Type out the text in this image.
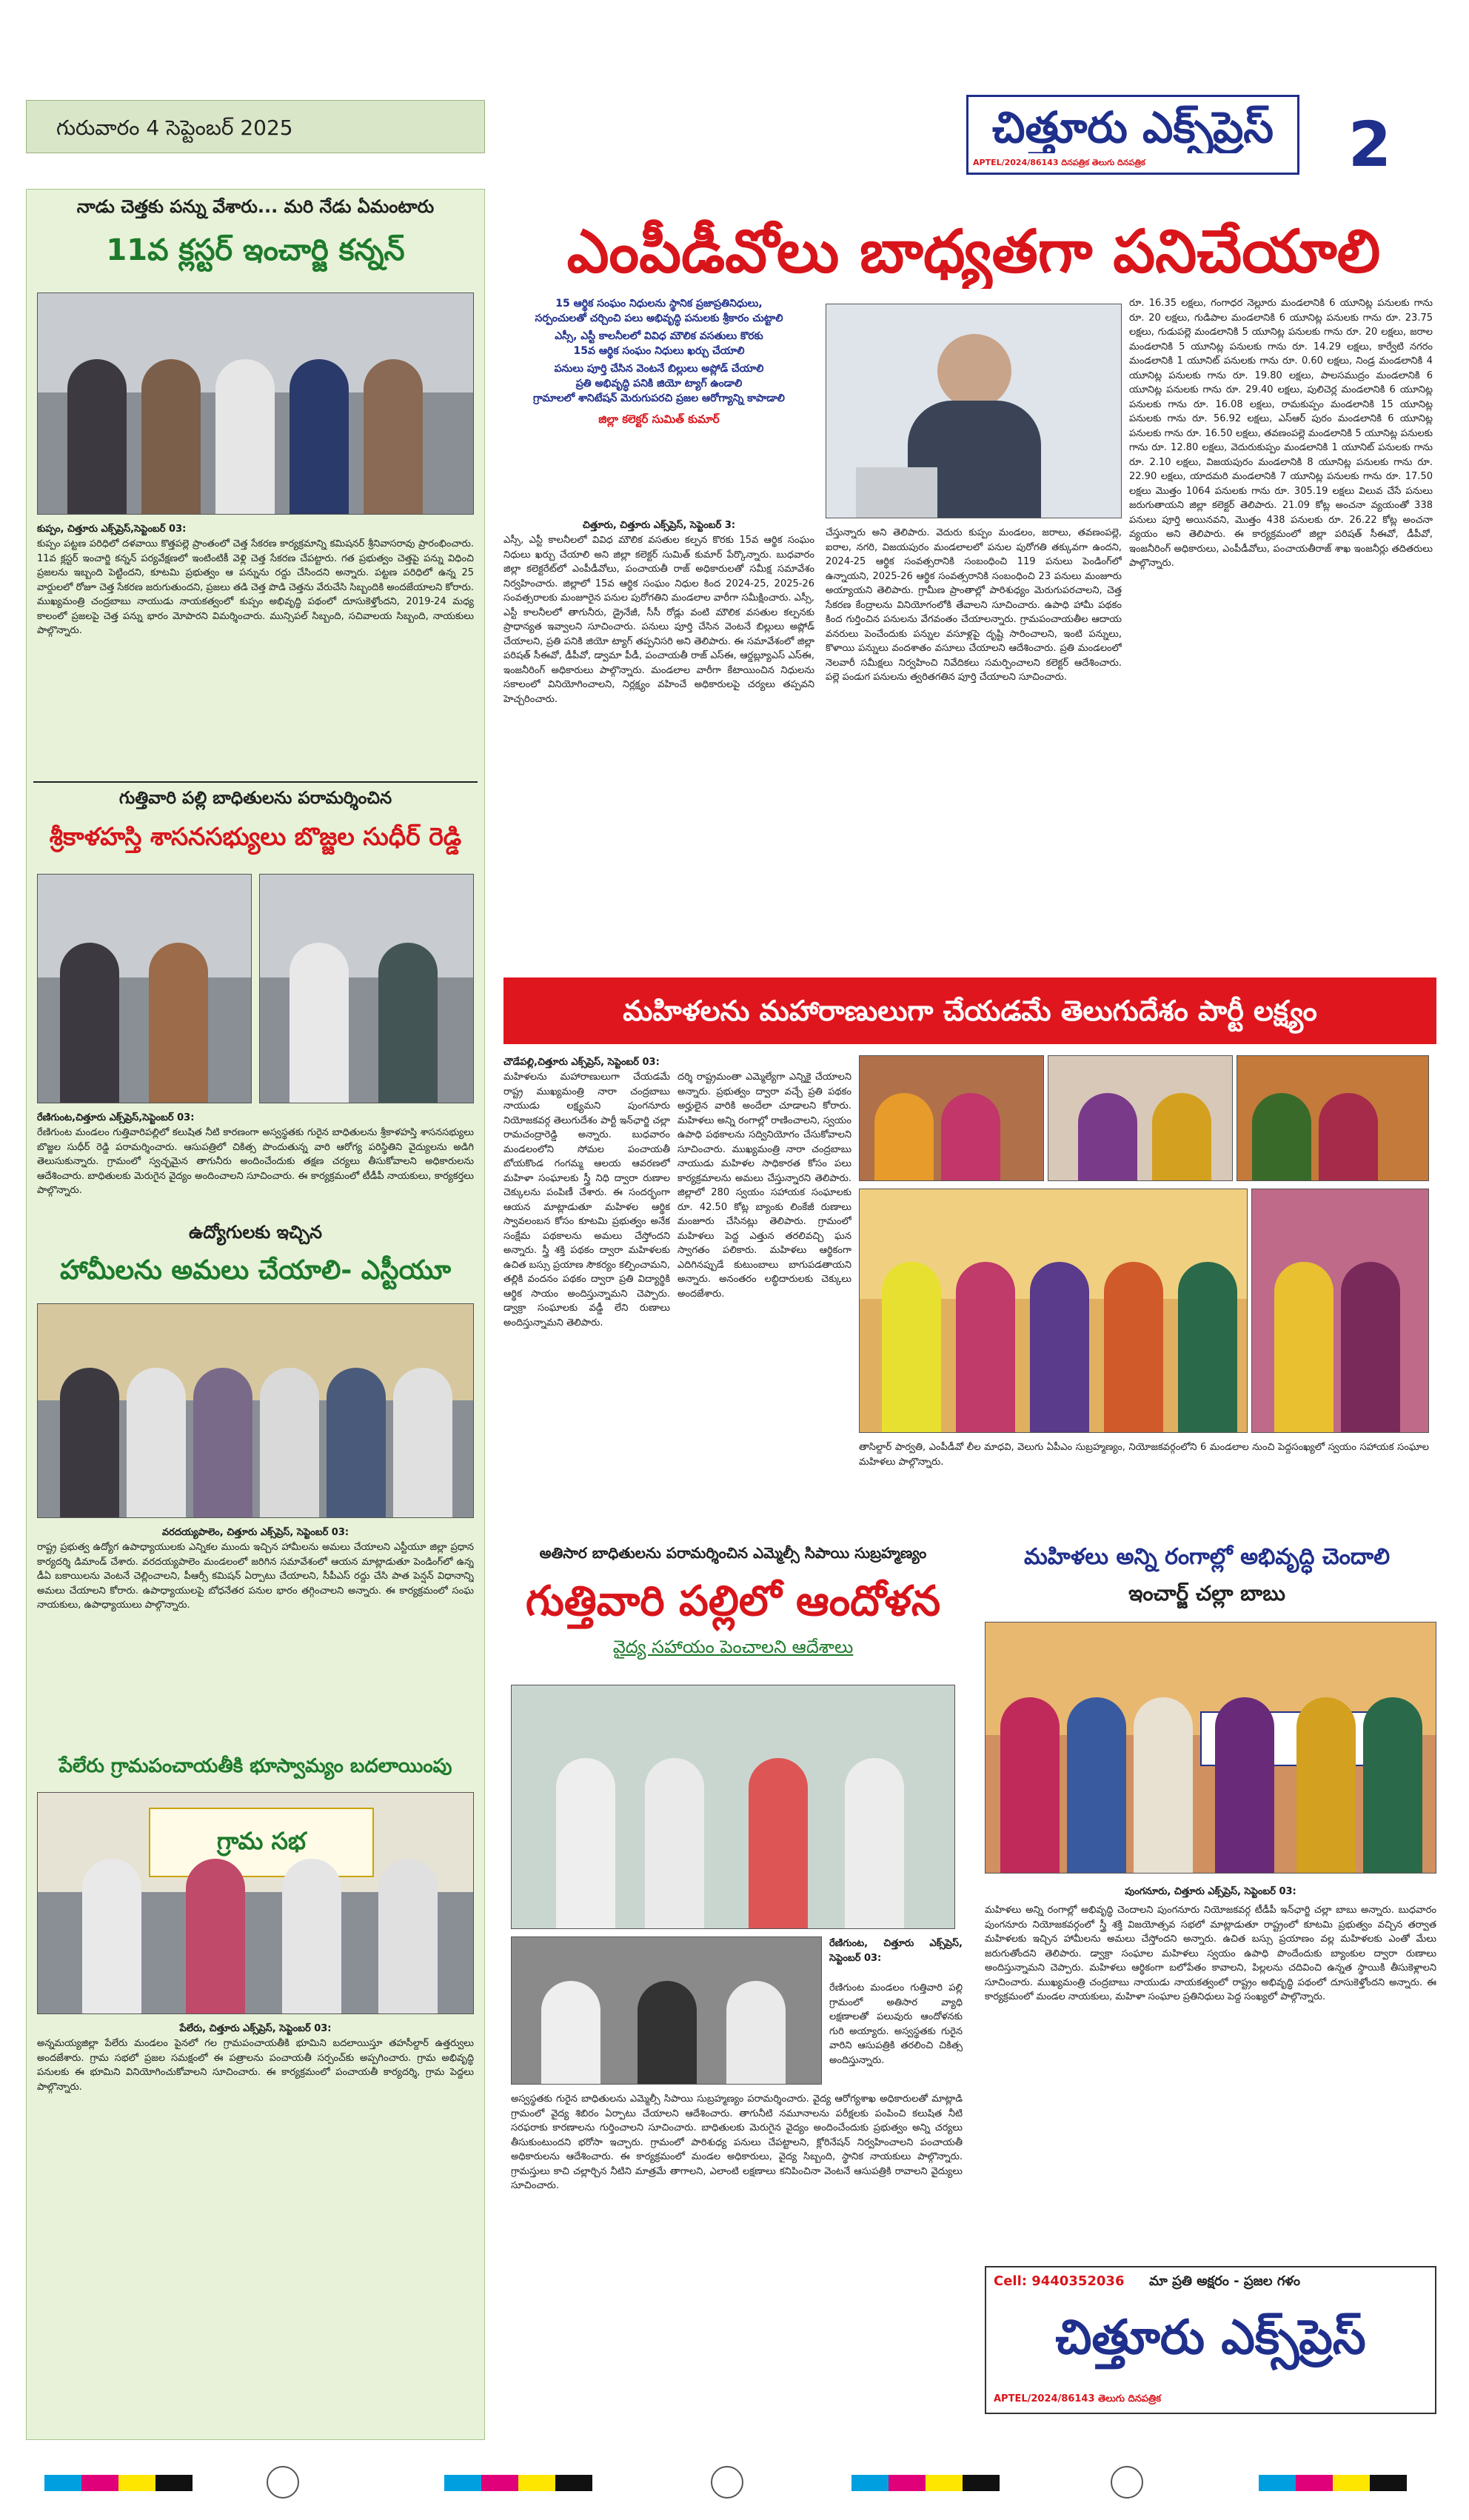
గురువారం 4 సెప్టెంబర్ 2025	చిత్తూరు ఎక్స్‌ప్రెస్
APTEL/2024/86143 దినపత్రిక తెలుగు దినపత్రిక	2
నాడు చెత్తకు పన్ను వేశారు... మరి నేడు ఏమంటారు
11వ క్లస్టర్ ఇంచార్జి కన్నన్
కుప్పం, చిత్తూరు ఎక్స్‌ప్రెస్,సెప్టెంబర్ 03:
కుప్పం పట్టణ పరిధిలో దళవాయి కొత్తపల్లె ప్రాంతంలో చెత్త సేకరణ కార్యక్రమాన్ని కమిషనర్ శ్రీనివాసరావు ప్రారంభించారు. 11వ క్లస్టర్ ఇంచార్జి కన్నన్ పర్యవేక్షణలో ఇంటింటికీ వెళ్లి చెత్త సేకరణ చేపట్టారు. గత ప్రభుత్వం చెత్తపై పన్ను విధించి ప్రజలను ఇబ్బంది పెట్టిందని, కూటమి ప్రభుత్వం ఆ పన్నును రద్దు చేసిందని అన్నారు. పట్టణ పరిధిలో ఉన్న 25 వార్డులలో రోజూ చెత్త సేకరణ జరుగుతుందని, ప్రజలు తడి చెత్త పొడి చెత్తను వేరుచేసి సిబ్బందికి అందజేయాలని కోరారు. ముఖ్యమంత్రి చంద్రబాబు నాయుడు నాయకత్వంలో కుప్పం అభివృద్ధి పథంలో దూసుకెళ్తోందని, 2019-24 మధ్య కాలంలో ప్రజలపై చెత్త పన్ను భారం మోపారని విమర్శించారు. మున్సిపల్ సిబ్బంది, సచివాలయ సిబ్బంది, నాయకులు పాల్గొన్నారు.
గుత్తివారి పల్లి బాధితులను పరామర్శించిన
శ్రీకాళహస్తి శాసనసభ్యులు బొజ్జల సుధీర్ రెడ్డి
రేణిగుంట,చిత్తూరు ఎక్స్‌ప్రెస్,సెప్టెంబర్ 03:
రేణిగుంట మండలం గుత్తివారిపల్లిలో కలుషిత నీటి కారణంగా అస్వస్థతకు గురైన బాధితులను శ్రీకాళహస్తి శాసనసభ్యులు బొజ్జల సుధీర్ రెడ్డి పరామర్శించారు. ఆసుపత్రిలో చికిత్స పొందుతున్న వారి ఆరోగ్య పరిస్థితిని వైద్యులను అడిగి తెలుసుకున్నారు. గ్రామంలో స్వచ్ఛమైన తాగునీరు అందించేందుకు తక్షణ చర్యలు తీసుకోవాలని అధికారులను ఆదేశించారు. బాధితులకు మెరుగైన వైద్యం అందించాలని సూచించారు. ఈ కార్యక్రమంలో టీడీపీ నాయకులు, కార్యకర్తలు పాల్గొన్నారు.
ఉద్యోగులకు ఇచ్చిన
హామీలను అమలు చేయాలి- ఎస్టీయూ
వరదయ్యపాలెం, చిత్తూరు ఎక్స్‌ప్రెస్, సెప్టెంబర్ 03:
రాష్ట్ర ప్రభుత్వ ఉద్యోగ ఉపాధ్యాయులకు ఎన్నికల ముందు ఇచ్చిన హామీలను అమలు చేయాలని ఎస్టీయూ జిల్లా ప్రధాన కార్యదర్శి డిమాండ్ చేశారు. వరదయ్యపాలెం మండలంలో జరిగిన సమావేశంలో ఆయన మాట్లాడుతూ పెండింగ్‌లో ఉన్న డీఏ బకాయిలను వెంటనే చెల్లించాలని, పీఆర్సీ కమిషన్ ఏర్పాటు చేయాలని, సీపీఎస్ రద్దు చేసి పాత పెన్షన్ విధానాన్ని అమలు చేయాలని కోరారు. ఉపాధ్యాయులపై బోధనేతర పనుల భారం తగ్గించాలని అన్నారు. ఈ కార్యక్రమంలో సంఘ నాయకులు, ఉపాధ్యాయులు పాల్గొన్నారు.
పేలేరు గ్రామపంచాయతీకి భూస్వామ్యం బదలాయింపు
గ్రామ సభ
పేలేరు, చిత్తూరు ఎక్స్‌ప్రెస్, సెప్టెంబర్ 03:
అన్నమయ్యజిల్లా పేలేరు మండలం పైనలో గల గ్రామపంచాయతీకి భూమిని బదలాయిస్తూ తహసీల్దార్ ఉత్తర్వులు అందజేశారు. గ్రామ సభలో ప్రజల సమక్షంలో ఈ పత్రాలను పంచాయతీ సర్పంచ్‌కు అప్పగించారు. గ్రామ అభివృద్ధి పనులకు ఈ భూమిని వినియోగించుకోవాలని సూచించారు. ఈ కార్యక్రమంలో పంచాయతీ కార్యదర్శి, గ్రామ పెద్దలు పాల్గొన్నారు.
ఎంపీడీవోలు బాధ్యతగా పనిచేయాలి
15 ఆర్థిక సంఘం నిధులను స్థానిక ప్రజాప్రతినిధులు,
సర్పంచులతో చర్చించి పలు అభివృద్ధి పనులకు శ్రీకారం చుట్టాలి
ఎస్సీ, ఎస్టీ కాలనీలలో వివిధ మౌలిక వసతులు కొరకు
15వ ఆర్థిక సంఘం నిధులు ఖర్చు చేయాలి
పనులు పూర్తి చేసిన వెంటనే బిల్లులు అప్లోడ్ చేయాలి
ప్రతి అభివృద్ధి పనికి జియో ట్యాగ్ ఉండాలి
గ్రామాలలో శానిటేషన్ మెరుగుపరచి ప్రజల ఆరోగ్యాన్ని కాపాడాలి
జిల్లా కలెక్టర్ సుమిత్ కుమార్
చిత్తూరు, చిత్తూరు ఎక్స్‌ప్రెస్, సెప్టెంబర్ 3:
ఎస్సీ, ఎస్టీ కాలనీలలో వివిధ మౌలిక వసతుల కల్పన కొరకు 15వ ఆర్థిక సంఘం నిధులు ఖర్చు చేయాలి అని జిల్లా కలెక్టర్ సుమిత్ కుమార్ పేర్కొన్నారు. బుధవారం జిల్లా కలెక్టరేట్‌లో ఎంపీడీవోలు, పంచాయతీ రాజ్ అధికారులతో సమీక్ష సమావేశం నిర్వహించారు. జిల్లాలో 15వ ఆర్థిక సంఘం నిధుల కింద 2024-25, 2025-26 సంవత్సరాలకు మంజూరైన పనుల పురోగతిని మండలాల వారీగా సమీక్షించారు. ఎస్సీ, ఎస్టీ కాలనీలలో తాగునీరు, డ్రైనేజీ, సీసీ రోడ్లు వంటి మౌలిక వసతుల కల్పనకు ప్రాధాన్యత ఇవ్వాలని సూచించారు. పనులు పూర్తి చేసిన వెంటనే బిల్లులు అప్లోడ్ చేయాలని, ప్రతి పనికి జియో ట్యాగ్ తప్పనిసరి అని తెలిపారు. ఈ సమావేశంలో జిల్లా పరిషత్ సీఈవో, డీపీవో, డ్వామా పీడీ, పంచాయతీ రాజ్ ఎస్ఈ, ఆర్డబ్ల్యూఎస్ ఎస్ఈ, ఇంజనీరింగ్ అధికారులు పాల్గొన్నారు. మండలాల వారీగా కేటాయించిన నిధులను సకాలంలో వినియోగించాలని, నిర్లక్ష్యం వహించే అధికారులపై చర్యలు తప్పవని హెచ్చరించారు.
చేస్తున్నారు అని తెలిపారు. వెదురు కుప్పం మండలం, జరాలు, తవణంపల్లె, ఐరాల, నగరి, విజయపురం మండలాలలో పనుల పురోగతి తక్కువగా ఉందని, 2024-25 ఆర్థిక సంవత్సరానికి సంబంధించి 119 పనులు పెండింగ్‌లో ఉన్నాయని, 2025-26 ఆర్థిక సంవత్సరానికి సంబంధించి 23 పనులు మంజూరు అయ్యాయని తెలిపారు. గ్రామీణ ప్రాంతాల్లో పారిశుధ్యం మెరుగుపరచాలని, చెత్త సేకరణ కేంద్రాలను వినియోగంలోకి తేవాలని సూచించారు. ఉపాధి హామీ పథకం కింద గుర్తించిన పనులను వేగవంతం చేయాలన్నారు. గ్రామపంచాయతీల ఆదాయ వనరులు పెంచేందుకు పన్నుల వసూళ్లపై దృష్టి సారించాలని, ఇంటి పన్నులు, కొళాయి పన్నులు వందశాతం వసూలు చేయాలని ఆదేశించారు. ప్రతి మండలంలో నెలవారీ సమీక్షలు నిర్వహించి నివేదికలు సమర్పించాలని కలెక్టర్ ఆదేశించారు. పల్లె పండుగ పనులను త్వరితగతిన పూర్తి చేయాలని సూచించారు.
రూ. 16.35 లక్షలు, గంగాధర నెల్లూరు మండలానికి 6 యూనిట్ల పనులకు గాను రూ. 20 లక్షలు, గుడిపాల మండలానికి 6 యూనిట్ల పనులకు గాను రూ. 23.75 లక్షలు, గుడుపల్లె మండలానికి 5 యూనిట్ల పనులకు గాను రూ. 20 లక్షలు, జరాల మండలానికి 5 యూనిట్ల పనులకు గాను రూ. 14.29 లక్షలు, కార్వేటి నగరం మండలానికి 1 యూనిట్ పనులకు గాను రూ. 0.60 లక్షలు, నిండ్ర మండలానికి 4 యూనిట్ల పనులకు గాను రూ. 19.80 లక్షలు, పాలసముద్రం మండలానికి 6 యూనిట్ల పనులకు గాను రూ. 29.40 లక్షలు, పులిచెర్ల మండలానికి 6 యూనిట్ల పనులకు గాను రూ. 16.08 లక్షలు, రామకుప్పం మండలానికి 15 యూనిట్ల పనులకు గాను రూ. 56.92 లక్షలు, ఎస్ఆర్ పురం మండలానికి 6 యూనిట్ల పనులకు గాను రూ. 16.50 లక్షలు, తవణంపల్లె మండలానికి 5 యూనిట్ల పనులకు గాను రూ. 12.80 లక్షలు, వెదురుకుప్పం మండలానికి 1 యూనిట్ పనులకు గాను రూ. 2.10 లక్షలు, విజయపురం మండలానికి 8 యూనిట్ల పనులకు గాను రూ. 22.90 లక్షలు, యాదమరి మండలానికి 7 యూనిట్ల పనులకు గాను రూ. 17.50 లక్షలు మొత్తం 1064 పనులకు గాను రూ. 305.19 లక్షలు విలువ చేసే పనులు జరుగుతాయని జిల్లా కలెక్టర్ తెలిపారు. 21.09 కోట్ల అంచనా వ్యయంతో 338 పనులు పూర్తి అయినవని, మొత్తం 438 పనులకు రూ. 26.22 కోట్ల అంచనా వ్యయం అని తెలిపారు. ఈ కార్యక్రమంలో జిల్లా పరిషత్ సీఈవో, డీపీవో, ఇంజనీరింగ్ అధికారులు, ఎంపీడీవోలు, పంచాయతీరాజ్ శాఖ ఇంజనీర్లు తదితరులు పాల్గొన్నారు.
మహిళలను మహారాణులుగా చేయడమే తెలుగుదేశం పార్టీ లక్ష్యం
చౌడేపల్లి,చిత్తూరు ఎక్స్‌ప్రెస్, సెప్టెంబర్ 03:
మహిళలను మహారాణులుగా చేయడమే రాష్ట్ర ముఖ్యమంత్రి నారా చంద్రబాబు నాయుడు లక్ష్యమని పుంగనూరు నియోజకవర్గ తెలుగుదేశం పార్టీ ఇన్‌ఛార్జి చల్లా రామచంద్రారెడ్డి అన్నారు. బుధవారం మండలంలోని సోమల పంచాయతీ బోయకొండ గంగమ్మ ఆలయ ఆవరణలో మహిళా సంఘాలకు స్త్రీ నిధి ద్వారా రుణాల చెక్కులను పంపిణీ చేశారు. ఈ సందర్భంగా ఆయన మాట్లాడుతూ మహిళల ఆర్థిక స్వావలంబన కోసం కూటమి ప్రభుత్వం అనేక సంక్షేమ పథకాలను అమలు చేస్తోందని అన్నారు. స్త్రీ శక్తి పథకం ద్వారా మహిళలకు ఉచిత బస్సు ప్రయాణ సౌకర్యం కల్పించామని, తల్లికి వందనం పథకం ద్వారా ప్రతి విద్యార్థికి ఆర్థిక సాయం అందిస్తున్నామని చెప్పారు. డ్వాక్రా సంఘాలకు వడ్డీ లేని రుణాలు అందిస్తున్నామని తెలిపారు.
దర్శి రాష్ట్రమంతా ఎమ్మెల్యేగా ఎన్నికై చేయాలని అన్నారు. ప్రభుత్వం ద్వారా వచ్చే ప్రతి పథకం అర్హులైన వారికి అందేలా చూడాలని కోరారు. మహిళలు అన్ని రంగాల్లో రాణించాలని, స్వయం ఉపాధి పథకాలను సద్వినియోగం చేసుకోవాలని సూచించారు. ముఖ్యమంత్రి నారా చంద్రబాబు నాయుడు మహిళల సాధికారత కోసం పలు కార్యక్రమాలను అమలు చేస్తున్నారని తెలిపారు. జిల్లాలో 280 స్వయం సహాయక సంఘాలకు రూ. 42.50 కోట్ల బ్యాంకు లింకేజీ రుణాలు మంజూరు చేసినట్లు తెలిపారు. గ్రామంలో మహిళలు పెద్ద ఎత్తున తరలివచ్చి ఘన స్వాగతం పలికారు. మహిళలు ఆర్థికంగా ఎదిగినప్పుడే కుటుంబాలు బాగుపడతాయని అన్నారు. అనంతరం లబ్ధిదారులకు చెక్కులు అందజేశారు.
తాసిల్దార్ పార్వతి, ఎంపీడీవో లీల మాధవి, వెలుగు ఏపీఎం సుబ్రహ్మణ్యం, నియోజకవర్గంలోని 6 మండలాల నుంచి పెద్దసంఖ్యలో స్వయం సహాయక సంఘాల మహిళలు పాల్గొన్నారు.
అతిసార బాధితులను పరామర్శించిన ఎమ్మెల్సీ సిపాయి సుబ్రహ్మణ్యం
గుత్తివారి పల్లిలో ఆందోళన
వైద్య సహాయం పెంచాలని ఆదేశాలు
రేణిగుంట, చిత్తూరు ఎక్స్‌ప్రెస్, సెప్టెంబర్ 03:
రేణిగుంట మండలం గుత్తివారి పల్లి గ్రామంలో అతిసార వ్యాధి లక్షణాలతో పలువురు ఆందోళనకు గురి అయ్యారు. అస్వస్థతకు గురైన వారిని ఆసుపత్రికి తరలించి చికిత్స అందిస్తున్నారు.
అస్వస్థతకు గురైన బాధితులను ఎమ్మెల్సీ సిపాయి సుబ్రహ్మణ్యం పరామర్శించారు. వైద్య ఆరోగ్యశాఖ అధికారులతో మాట్లాడి గ్రామంలో వైద్య శిబిరం ఏర్పాటు చేయాలని ఆదేశించారు. తాగునీటి నమూనాలను పరీక్షలకు పంపించి కలుషిత నీటి సరఫరాకు కారణాలను గుర్తించాలని సూచించారు. బాధితులకు మెరుగైన వైద్యం అందించేందుకు ప్రభుత్వం అన్ని చర్యలు తీసుకుంటుందని భరోసా ఇచ్చారు. గ్రామంలో పారిశుధ్య పనులు చేపట్టాలని, క్లోరినేషన్ నిర్వహించాలని పంచాయతీ అధికారులను ఆదేశించారు. ఈ కార్యక్రమంలో మండల అధికారులు, వైద్య సిబ్బంది, స్థానిక నాయకులు పాల్గొన్నారు. గ్రామస్తులు కాచి చల్లార్చిన నీటిని మాత్రమే తాగాలని, ఎలాంటి లక్షణాలు కనిపించినా వెంటనే ఆసుపత్రికి రావాలని వైద్యులు సూచించారు.
మహిళలు అన్ని రంగాల్లో అభివృద్ధి చెందాలి
ఇంచార్జ్ చల్లా బాబు
పుంగనూరు, చిత్తూరు ఎక్స్‌ప్రెస్, సెప్టెంబర్ 03:
మహిళలు అన్ని రంగాల్లో అభివృద్ధి చెందాలని పుంగనూరు నియోజకవర్గ టీడీపీ ఇన్‌ఛార్జి చల్లా బాబు అన్నారు. బుధవారం పుంగనూరు నియోజకవర్గంలో స్త్రీ శక్తి విజయోత్సవ సభలో మాట్లాడుతూ రాష్ట్రంలో కూటమి ప్రభుత్వం వచ్చిన తర్వాత మహిళలకు ఇచ్చిన హామీలను అమలు చేస్తోందని అన్నారు. ఉచిత బస్సు ప్రయాణం వల్ల మహిళలకు ఎంతో మేలు జరుగుతోందని తెలిపారు. డ్వాక్రా సంఘాల మహిళలు స్వయం ఉపాధి పొందేందుకు బ్యాంకుల ద్వారా రుణాలు అందిస్తున్నామని చెప్పారు. మహిళలు ఆర్థికంగా బలోపేతం కావాలని, పిల్లలను చదివించి ఉన్నత స్థాయికి తీసుకెళ్లాలని సూచించారు. ముఖ్యమంత్రి చంద్రబాబు నాయుడు నాయకత్వంలో రాష్ట్రం అభివృద్ధి పథంలో దూసుకెళ్తోందని అన్నారు. ఈ కార్యక్రమంలో మండల నాయకులు, మహిళా సంఘాల ప్రతినిధులు పెద్ద సంఖ్యలో పాల్గొన్నారు.
Cell: 9440352036 మా ప్రతి అక్షరం - ప్రజల గళం
చిత్తూరు ఎక్స్‌ప్రెస్
APTEL/2024/86143 తెలుగు దినపత్రిక
